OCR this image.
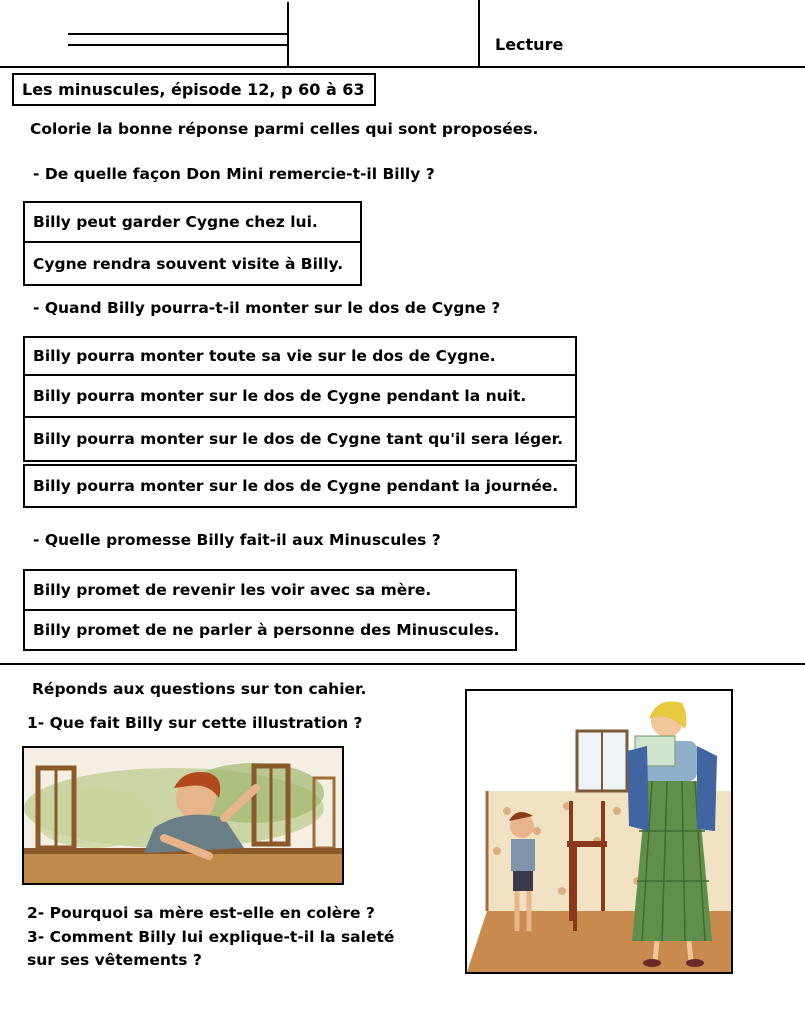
Lecture
Les minuscules, épisode 12, p 60 à 63
Colorie la bonne réponse parmi celles qui sont proposées.
- De quelle façon Don Mini remercie-t-il Billy ?
Billy peut garder Cygne chez lui.
Cygne rendra souvent visite à Billy.
- Quand Billy pourra-t-il monter sur le dos de Cygne ?
Billy pourra monter toute sa vie sur le dos de Cygne.
Billy pourra monter sur le dos de Cygne pendant la nuit.
Billy pourra monter sur le dos de Cygne tant qu'il sera léger.
Billy pourra monter sur le dos de Cygne pendant la journée.
- Quelle promesse Billy fait-il aux Minuscules ?
Billy promet de revenir les voir avec sa mère.
Billy promet de ne parler à personne des Minuscules.
Réponds aux questions sur ton cahier.
1- Que fait Billy sur cette illustration ?
2- Pourquoi sa mère est-elle en colère ?
3- Comment Billy lui explique-t-il la saleté
sur ses vêtements ?
